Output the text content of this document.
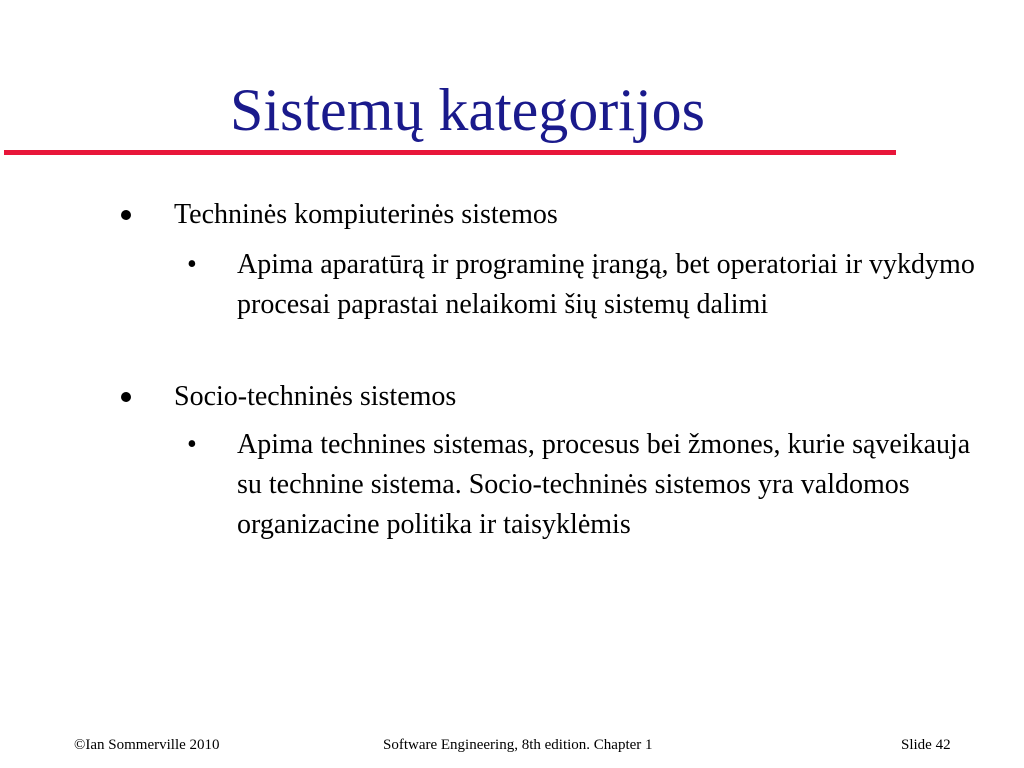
Sistemų kategorijos
Techninės kompiuterinės sistemos
• Apima aparatūrą ir programinę įrangą, bet operatoriai ir vykdymo procesai paprastai nelaikomi šių sistemų dalimi
Socio-techninės sistemos
• Apima technines sistemas, procesus bei žmones, kurie sąveikauja su technine sistema. Socio-techninės sistemos yra valdomos organizacine politika ir taisyklėmis
©Ian Sommerville 2010	Software Engineering, 8th edition. Chapter 1	Slide 42
